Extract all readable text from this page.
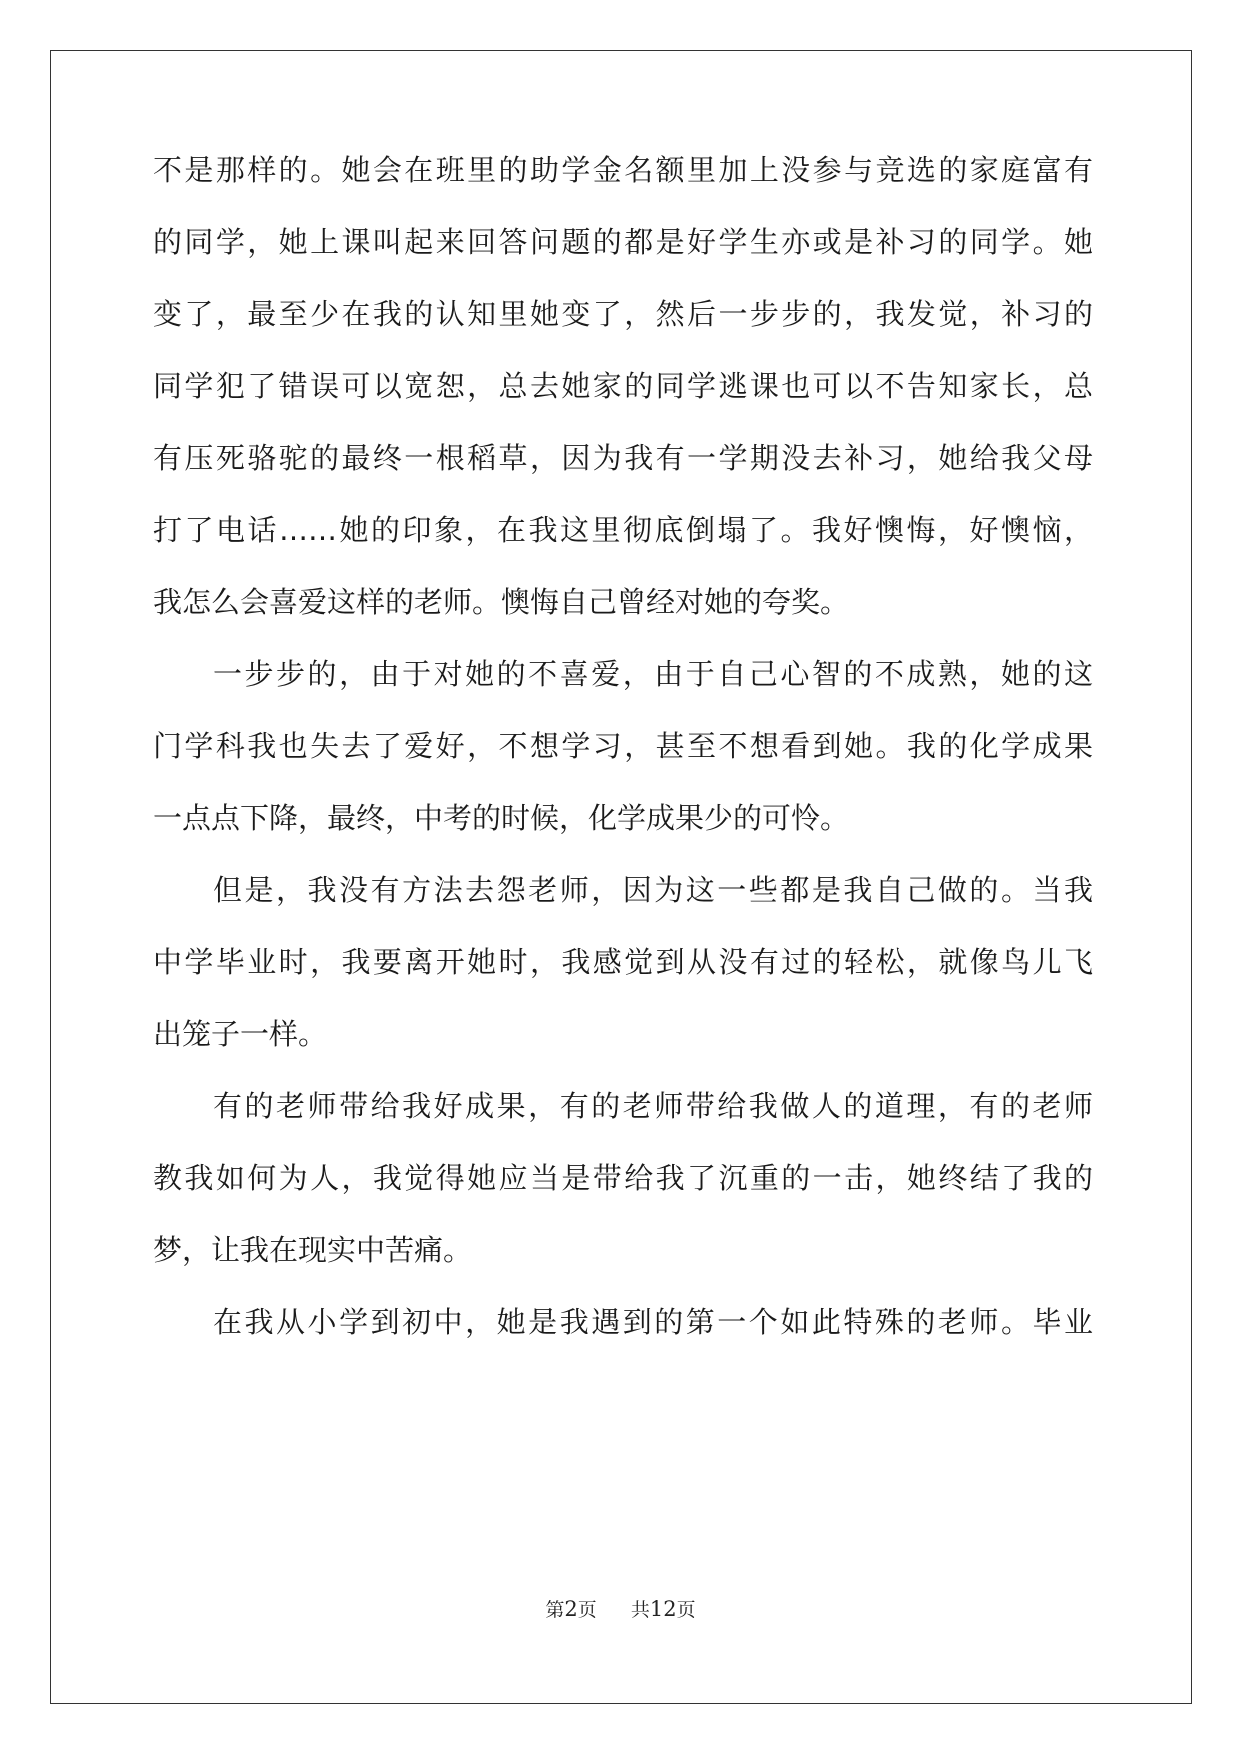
不是那样的。她会在班里的助学金名额里加上没参与竞选的家庭富有
的同学，她上课叫起来回答问题的都是好学生亦或是补习的同学。她
变了，最至少在我的认知里她变了，然后一步步的，我发觉，补习的
同学犯了错误可以宽恕，总去她家的同学逃课也可以不告知家长，总
有压死骆驼的最终一根稻草，因为我有一学期没去补习，她给我父母
打了电话……她的印象，在我这里彻底倒塌了。我好懊悔，好懊恼，
我怎么会喜爱这样的老师。懊悔自己曾经对她的夸奖。
一步步的，由于对她的不喜爱，由于自己心智的不成熟，她的这
门学科我也失去了爱好，不想学习，甚至不想看到她。我的化学成果
一点点下降，最终，中考的时候，化学成果少的可怜。
但是，我没有方法去怨老师，因为这一些都是我自己做的。当我
中学毕业时，我要离开她时，我感觉到从没有过的轻松，就像鸟儿飞
出笼子一样。
有的老师带给我好成果，有的老师带给我做人的道理，有的老师
教我如何为人，我觉得她应当是带给我了沉重的一击，她终结了我的
梦，让我在现实中苦痛。
在我从小学到初中，她是我遇到的第一个如此特殊的老师。毕业
第2页 共12页
